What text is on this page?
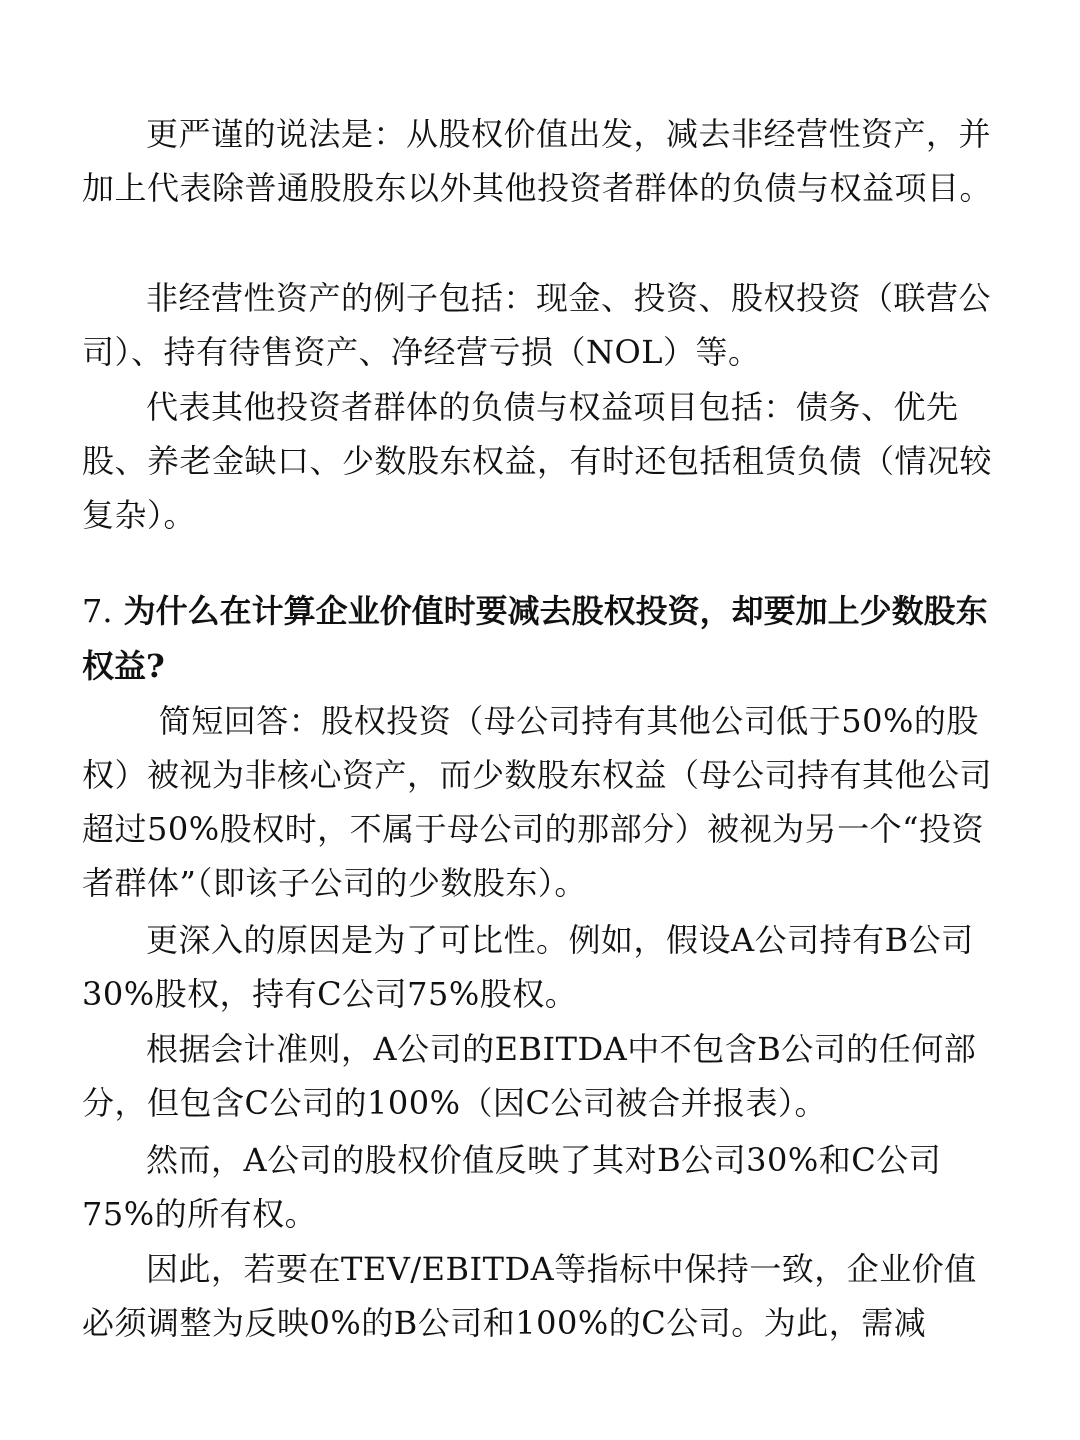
更严谨的说法是：从股权价值出发，减去非经营性资产，并加上代表除普通股股东以外其他投资者群体的负债与权益项目。

非经营性资产的例子包括：现金、投资、股权投资（联营公司）、持有待售资产、净经营亏损（NOL）等。

代表其他投资者群体的负债与权益项目包括：债务、优先股、养老金缺口、少数股东权益，有时还包括租赁负债（情况较复杂）。

7. 为什么在计算企业价值时要减去股权投资，却要加上少数股东权益?

简短回答：股权投资（母公司持有其他公司低于50%的股权）被视为非核心资产，而少数股东权益（母公司持有其他公司超过50%股权时，不属于母公司的那部分）被视为另一个“投资者群体”（即该子公司的少数股东）。

更深入的原因是为了可比性。例如，假设A公司持有B公司30%股权，持有C公司75%股权。

根据会计准则，A公司的EBITDA中不包含B公司的任何部分，但包含C公司的100%（因C公司被合并报表）。

然而，A公司的股权价值反映了其对B公司30%和C公司75%的所有权。

因此，若要在TEV/EBITDA等指标中保持一致，企业价值必须调整为反映0%的B公司和100%的C公司。为此，需减
